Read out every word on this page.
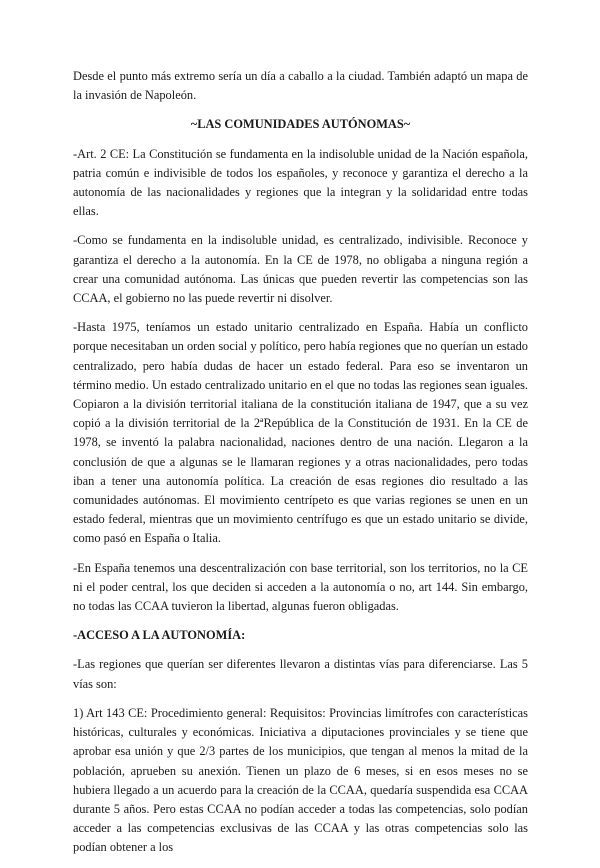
Desde el punto más extremo sería un día a caballo a la ciudad. También adaptó un mapa de la invasión de Napoleón.

~LAS COMUNIDADES AUTÓNOMAS~

-Art. 2 CE: La Constitución se fundamenta en la indisoluble unidad de la Nación española, patria común e indivisible de todos los españoles, y reconoce y garantiza el derecho a la autonomía de las nacionalidades y regiones que la integran y la solidaridad entre todas ellas.

-Como se fundamenta en la indisoluble unidad, es centralizado, indivisible. Reconoce y garantiza el derecho a la autonomía. En la CE de 1978, no obligaba a ninguna región a crear una comunidad autónoma. Las únicas que pueden revertir las competencias son las CCAA, el gobierno no las puede revertir ni disolver.

-Hasta 1975, teníamos un estado unitario centralizado en España. Había un conflicto porque necesitaban un orden social y político, pero había regiones que no querían un estado centralizado, pero había dudas de hacer un estado federal. Para eso se inventaron un término medio. Un estado centralizado unitario en el que no todas las regiones sean iguales. Copiaron a la división territorial italiana de la constitución italiana de 1947, que a su vez copió a la división territorial de la 2ªRepública de la Constitución de 1931. En la CE de 1978, se inventó la palabra nacionalidad, naciones dentro de una nación. Llegaron a la conclusión de que a algunas se le llamaran regiones y a otras nacionalidades, pero todas iban a tener una autonomía política. La creación de esas regiones dio resultado a las comunidades autónomas. El movimiento centrípeto es que varias regiones se unen en un estado federal, mientras que un movimiento centrífugo es que un estado unitario se divide, como pasó en España o Italia.

-En España tenemos una descentralización con base territorial, son los territorios, no la CE ni el poder central, los que deciden si acceden a la autonomía o no, art 144. Sin embargo, no todas las CCAA tuvieron la libertad, algunas fueron obligadas.

-ACCESO A LA AUTONOMÍA:

-Las regiones que querían ser diferentes llevaron a distintas vías para diferenciarse. Las 5 vías son:

1) Art 143 CE: Procedimiento general: Requisitos: Provincias limítrofes con características históricas, culturales y económicas. Iniciativa a diputaciones provinciales y se tiene que aprobar esa unión y que 2/3 partes de los municipios, que tengan al menos la mitad de la población, aprueben su anexión. Tienen un plazo de 6 meses, si en esos meses no se hubiera llegado a un acuerdo para la creación de la CCAA, quedaría suspendida esa CCAA durante 5 años. Pero estas CCAA no podían acceder a todas las competencias, solo podían acceder a las competencias exclusivas de las CCAA y las otras competencias solo las podían obtener a los
